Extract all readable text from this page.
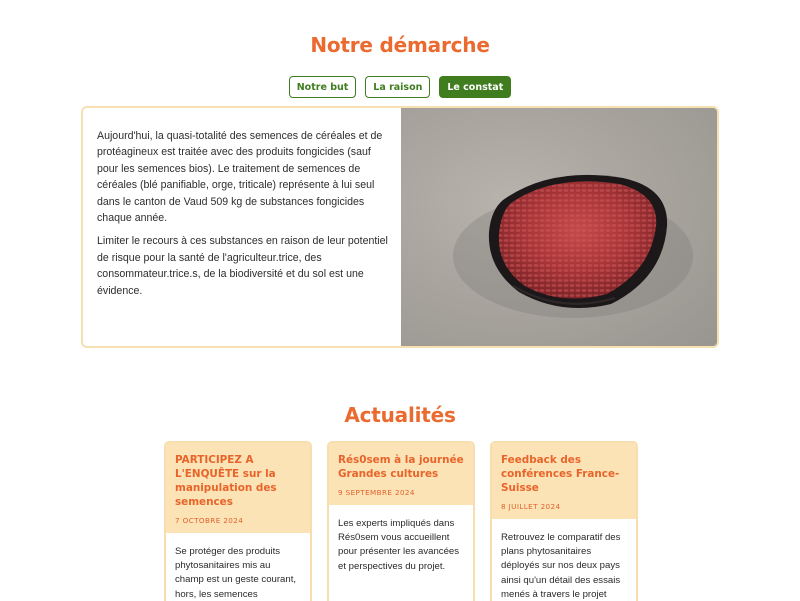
Notre démarche
Notre but	La raison	Le constat

Aujourd'hui, la quasi-totalité des semences de céréales et de protéagineux est traitée avec des produits fongicides (sauf pour les semences bios). Le traitement de semences de céréales (blé panifiable, orge, triticale) représente à lui seul dans le canton de Vaud 509 kg de substances fongicides chaque année.

Limiter le recours à ces substances en raison de leur potentiel de risque pour la santé de l'agriculteur.trice, des consommateur.trice.s, de la biodiversité et du sol est une évidence.

Actualités
PARTICIPEZ A L'ENQUÊTE sur la manipulation des semences
7 OCTOBRE 2024
Se protéger des produits phytosanitaires mis au champ est un geste courant, hors, les semences
Rés0sem à la journée Grandes cultures
9 SEPTEMBRE 2024
Les experts impliqués dans Rés0sem vous accueillent pour présenter les avancées et perspectives du projet.
Feedback des conférences France-Suisse
8 JUILLET 2024
Retrouvez le comparatif des plans phytosanitaires déployés sur nos deux pays ainsi qu'un détail des essais menés à travers le projet
